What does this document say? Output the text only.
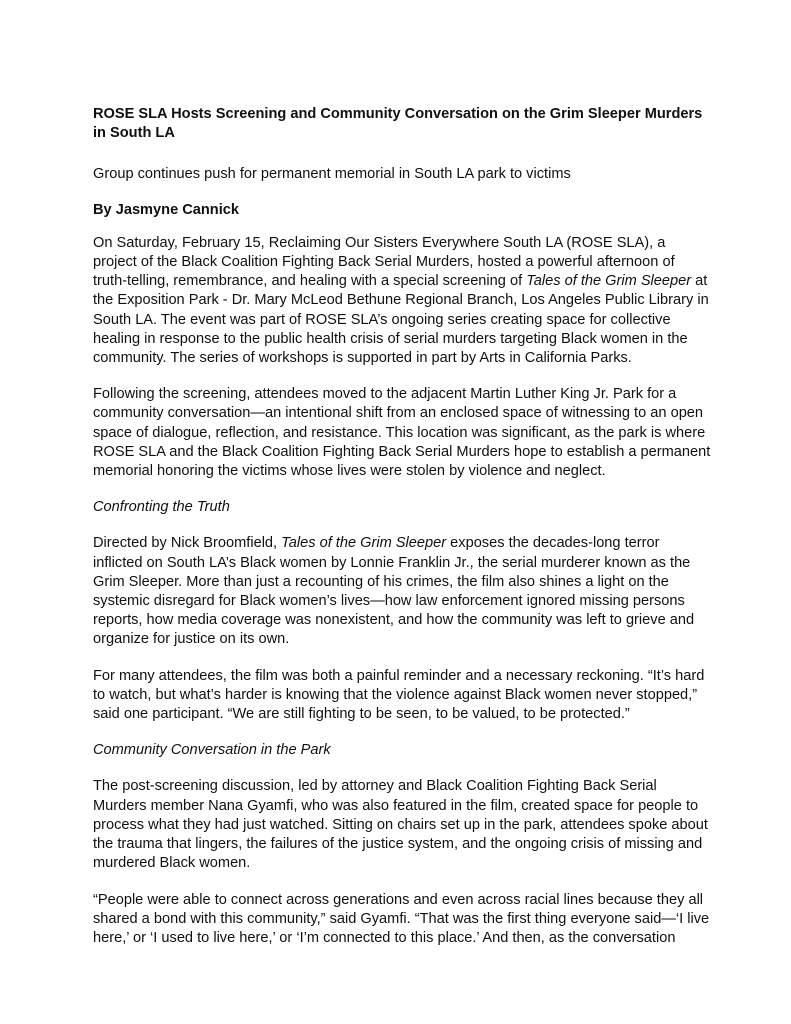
ROSE SLA Hosts Screening and Community Conversation on the Grim Sleeper Murders in South LA
Group continues push for permanent memorial in South LA park to victims
By Jasmyne Cannick

On Saturday, February 15, Reclaiming Our Sisters Everywhere South LA (ROSE SLA), a project of the Black Coalition Fighting Back Serial Murders, hosted a powerful afternoon of truth-telling, remembrance, and healing with a special screening of Tales of the Grim Sleeper at the Exposition Park - Dr. Mary McLeod Bethune Regional Branch, Los Angeles Public Library in South LA. The event was part of ROSE SLA’s ongoing series creating space for collective healing in response to the public health crisis of serial murders targeting Black women in the community. The series of workshops is supported in part by Arts in California Parks.

Following the screening, attendees moved to the adjacent Martin Luther King Jr. Park for a community conversation—an intentional shift from an enclosed space of witnessing to an open space of dialogue, reflection, and resistance. This location was significant, as the park is where ROSE SLA and the Black Coalition Fighting Back Serial Murders hope to establish a permanent memorial honoring the victims whose lives were stolen by violence and neglect.

Confronting the Truth

Directed by Nick Broomfield, Tales of the Grim Sleeper exposes the decades-long terror inflicted on South LA’s Black women by Lonnie Franklin Jr., the serial murderer known as the Grim Sleeper. More than just a recounting of his crimes, the film also shines a light on the systemic disregard for Black women’s lives—how law enforcement ignored missing persons reports, how media coverage was nonexistent, and how the community was left to grieve and organize for justice on its own.

For many attendees, the film was both a painful reminder and a necessary reckoning. “It’s hard to watch, but what’s harder is knowing that the violence against Black women never stopped,” said one participant. “We are still fighting to be seen, to be valued, to be protected.”

Community Conversation in the Park

The post-screening discussion, led by attorney and Black Coalition Fighting Back Serial Murders member Nana Gyamfi, who was also featured in the film, created space for people to process what they had just watched. Sitting on chairs set up in the park, attendees spoke about the trauma that lingers, the failures of the justice system, and the ongoing crisis of missing and murdered Black women.

“People were able to connect across generations and even across racial lines because they all shared a bond with this community,” said Gyamfi. “That was the first thing everyone said—‘I live here,’ or ‘I used to live here,’ or ‘I’m connected to this place.’ And then, as the conversation
